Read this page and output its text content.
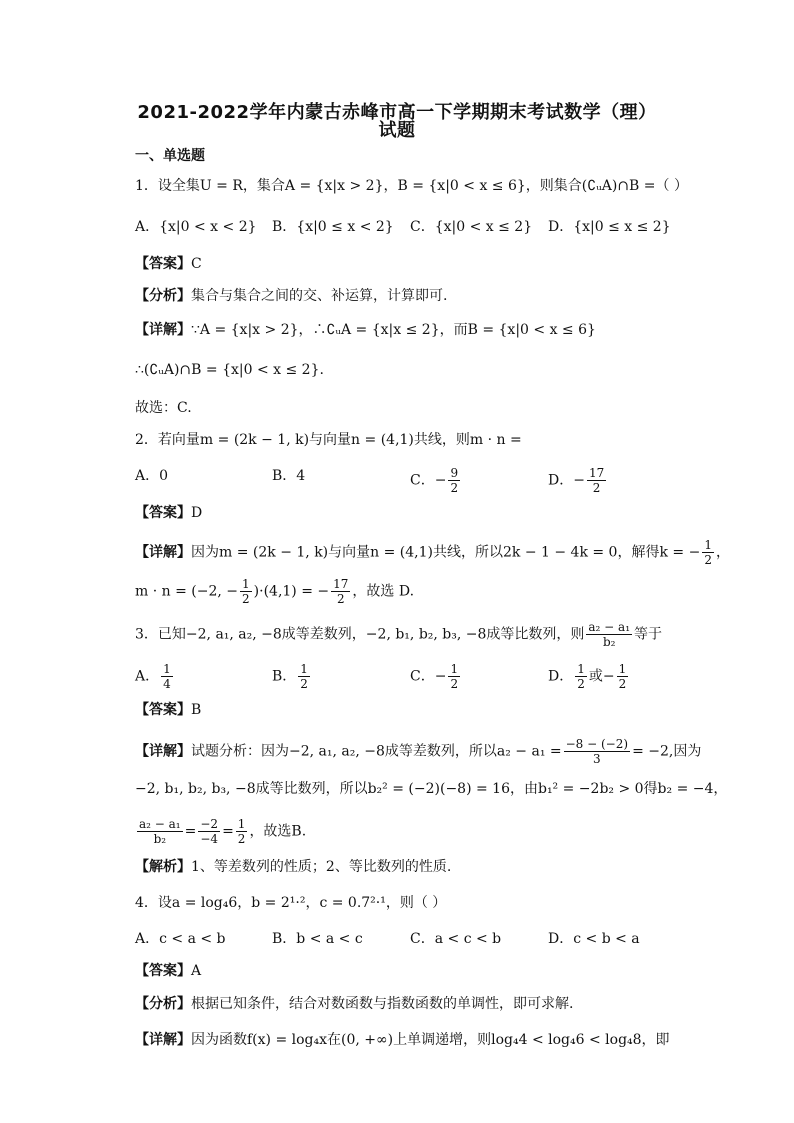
2021-2022学年内蒙古赤峰市高一下学期期末考试数学（理）
试题
一、单选题
1．设全集U = R，集合A = {x|x > 2}，B = {x|0 < x ≤ 6}，则集合(∁ᵤA)∩B =（ ）
A．{x|0 < x < 2} B．{x|0 ≤ x < 2} C．{x|0 < x ≤ 2} D．{x|0 ≤ x ≤ 2}
【答案】C
【分析】集合与集合之间的交、补运算，计算即可.
【详解】∵A = {x|x > 2}，∴∁ᵤA = {x|x ≤ 2}，而B = {x|0 < x ≤ 6}
∴(∁ᵤA)∩B = {x|0 < x ≤ 2}.
故选：C.
2．若向量m = (2k − 1, k)与向量n = (4,1)共线，则m · n =
A．0	B．4	C．− $\frac{9}{2}$	D．− $\frac{17}{2}$
【答案】D
【详解】因为m = (2k − 1, k)与向量n = (4,1)共线，所以2k − 1 − 4k = 0，解得k = − $\frac{1}{2}$ ，
m · n = (−2, − $\frac{1}{2} )\cdot(4,1)$ = − $\frac{17}{2}$ ，故选 D.
3．已知−2, a₁, a₂, −8成等差数列，−2, b₁, b₂, b₃, −8成等比数列，则 $\frac{\text{a₂ − a₁}}{\text{b₂}}$ 等于
A． $\frac{1}{4}$	B． $\frac{1}{2}$	C．− $\frac{1}{2}$	D． $\frac{1}{2}$ 或− $\frac{1}{2}$
【答案】B
【详解】试题分析：因为−2, a₁, a₂, −8成等差数列，所以$a_2 - a_1 = \frac{-8 - (-2)}{3} = -2$,因为
−2, b₁, b₂, b₃, −8成等比数列，所以b₂² = (−2)(−8) = 16，由b₁² = −2b₂ > 0得b₂ = −4，
$\frac{\text{a₂ − a₁}}{\text{b₂}} = \frac{-2}{-4} = \frac{1}{2}$ ，故选B.
【解析】1、等差数列的性质；2、等比数列的性质.
4．设a = log₄6，b = 2¹·²，c = 0.7²·¹，则（ ）
A．c < a < b	B．b < a < c	C．a < c < b	D．c < b < a
【答案】A
【分析】根据已知条件，结合对数函数与指数函数的单调性，即可求解.
【详解】因为函数f(x) = log₄x在(0, +∞)上单调递增，则log₄4 < log₄6 < log₄8，即
